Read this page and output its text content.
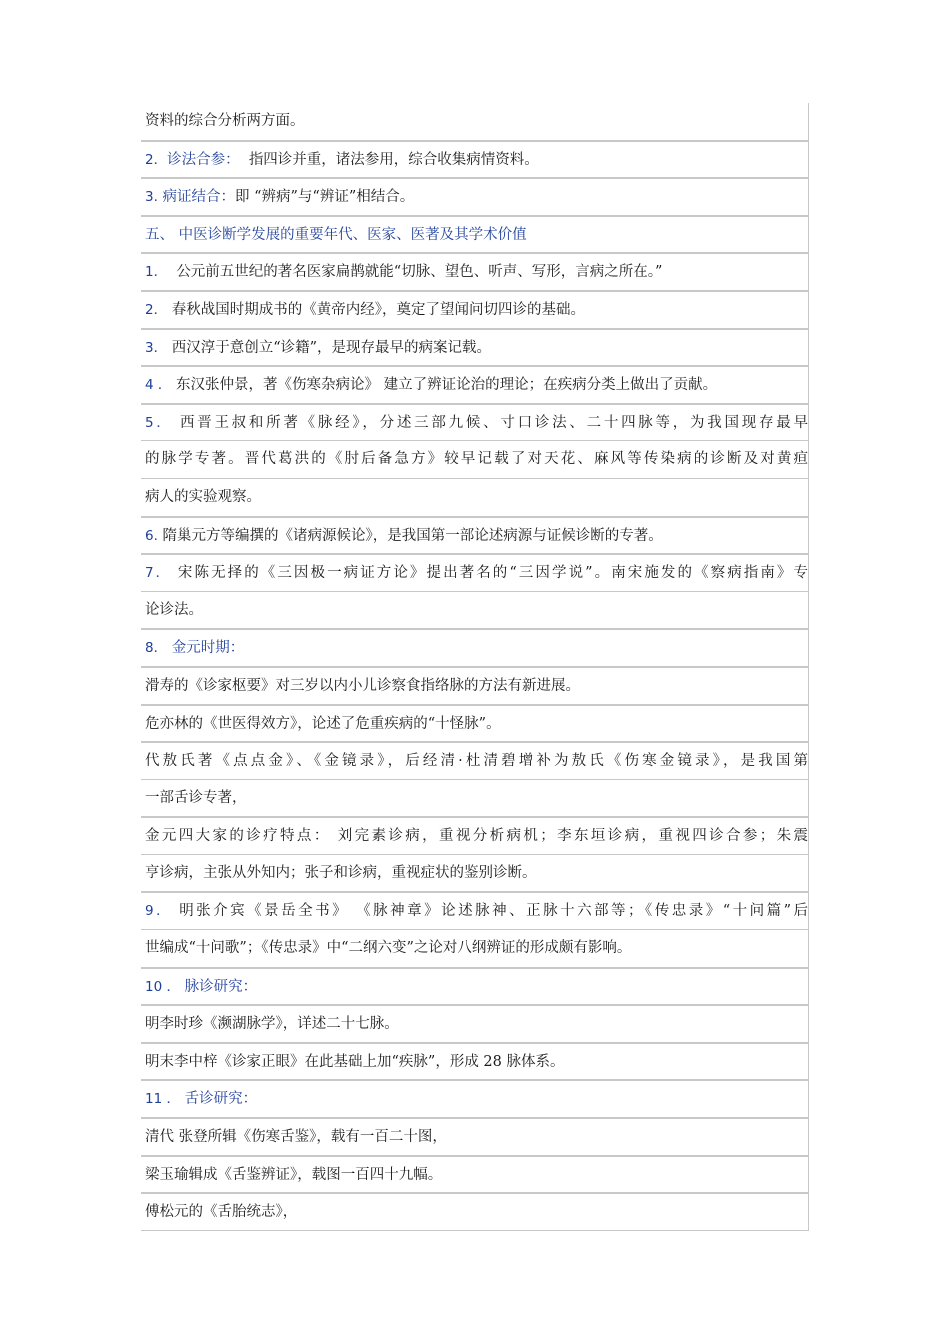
资料的综合分析两方面。
2．诊法合参： 指四诊并重，诸法参用，综合收集病情资料。
3. 病证结合：即 “辨病”与“辨证”相结合。
五、 中医诊断学发展的重要年代、医家、医著及其学术价值
1． 公元前五世纪的著名医家扁鹊就能“切脉、望色、听声、写形，言病之所在。”
2． 春秋战国时期成书的《黄帝内经》，奠定了望闻问切四诊的基础。
3． 西汉淳于意创立“诊籍”，是现存最早的病案记载。
4 ． 东汉张仲景，著《伤寒杂病论》 建立了辨证论治的理论；在疾病分类上做出了贡献。
5． 西晋王叔和所著《脉经》，分述三部九候、寸口诊法、二十四脉等，为我国现存最早
的脉学专著。晋代葛洪的《肘后备急方》较早记载了对天花、麻风等传染病的诊断及对黄疸
病人的实验观察。
6. 隋巢元方等编撰的《诸病源候论》，是我国第一部论述病源与证候诊断的专著。
7． 宋陈无择的《三因极一病证方论》提出著名的“三因学说”。南宋施发的《察病指南》专
论诊法。
8． 金元时期：
滑寿的《诊家枢要》对三岁以内小儿诊察食指络脉的方法有新进展。
危亦林的《世医得效方》，论述了危重疾病的“十怪脉”。
代敖氏著《点点金》、《金镜录》，后经清·杜清碧增补为敖氏《伤寒金镜录》，是我国第
一部舌诊专著，
金元四大家的诊疗特点： 刘完素诊病，重视分析病机；李东垣诊病，重视四诊合参；朱震
亨诊病，主张从外知内；张子和诊病，重视症状的鉴别诊断。
9． 明张介宾《景岳全书》 《脉神章》论述脉神、正脉十六部等；《传忠录》“十问篇”后
世编成“十问歌”；《传忠录》中“二纲六变”之论对八纲辨证的形成颇有影响。
10 ． 脉诊研究：
明李时珍《濒湖脉学》，详述二十七脉。
明末李中梓《诊家正眼》在此基础上加“疾脉”，形成 28 脉体系。
11 ． 舌诊研究：
清代 张登所辑《伤寒舌鉴》，载有一百二十图，
梁玉瑜辑成《舌鉴辨证》，载图一百四十九幅。
傅松元的《舌胎统志》，
